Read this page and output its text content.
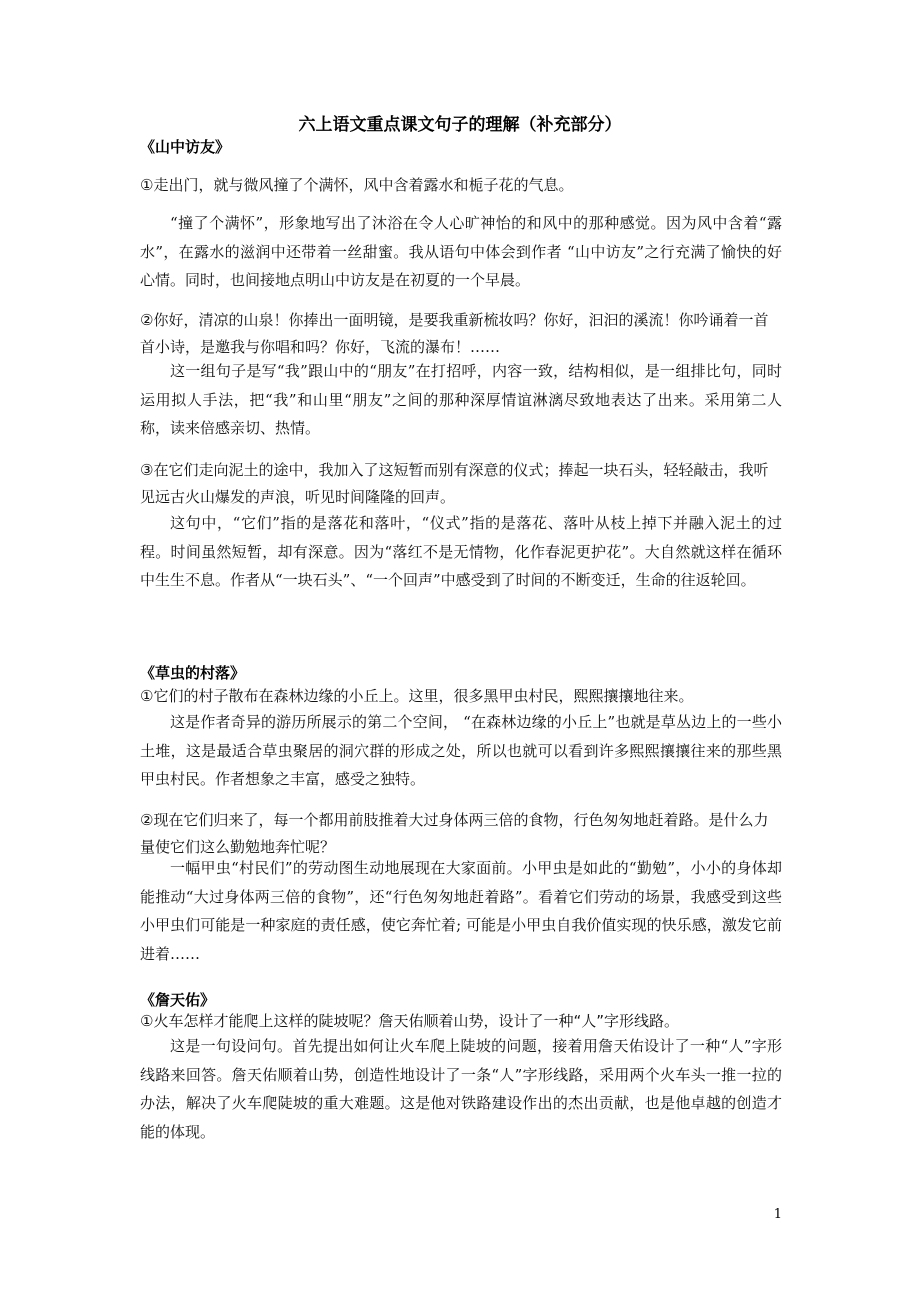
六上语文重点课文句子的理解（补充部分）
《山中访友》

①走出门，就与微风撞了个满怀，风中含着露水和栀子花的气息。

“撞了个满怀”，形象地写出了沐浴在令人心旷神怡的和风中的那种感觉。因为风中含着“露水”，在露水的滋润中还带着一丝甜蜜。我从语句中体会到作者 “山中访友”之行充满了愉快的好心情。同时，也间接地点明山中访友是在初夏的一个早晨。

②你好，清凉的山泉！你捧出一面明镜，是要我重新梳妆吗？你好，汩汩的溪流！你吟诵着一首首小诗，是邀我与你唱和吗？你好，飞流的瀑布！……

这一组句子是写“我”跟山中的“朋友”在打招呼，内容一致，结构相似，是一组排比句，同时运用拟人手法，把“我”和山里“朋友”之间的那种深厚情谊淋漓尽致地表达了出来。采用第二人称，读来倍感亲切、热情。

③在它们走向泥土的途中，我加入了这短暂而别有深意的仪式；捧起一块石头，轻轻敲击，我听见远古火山爆发的声浪，听见时间隆隆的回声。

这句中，“它们”指的是落花和落叶，“仪式”指的是落花、落叶从枝上掉下并融入泥土的过程。时间虽然短暂，却有深意。因为“落红不是无情物，化作春泥更护花”。大自然就这样在循环中生生不息。作者从“一块石头”、“一个回声”中感受到了时间的不断变迁，生命的往返轮回。

《草虫的村落》

①它们的村子散布在森林边缘的小丘上。这里，很多黑甲虫村民，熙熙攘攘地往来。

这是作者奇异的游历所展示的第二个空间， “在森林边缘的小丘上”也就是草丛边上的一些小土堆，这是最适合草虫聚居的洞穴群的形成之处，所以也就可以看到许多熙熙攘攘往来的那些黑甲虫村民。作者想象之丰富，感受之独特。

②现在它们归来了，每一个都用前肢推着大过身体两三倍的食物，行色匆匆地赶着路。是什么力量使它们这么勤勉地奔忙呢？

一幅甲虫“村民们”的劳动图生动地展现在大家面前。小甲虫是如此的“勤勉”，小小的身体却能推动“大过身体两三倍的食物”，还“行色匆匆地赶着路”。看着它们劳动的场景，我感受到这些小甲虫们可能是一种家庭的责任感，使它奔忙着; 可能是小甲虫自我价值实现的快乐感，激发它前进着……

《詹天佑》

①火车怎样才能爬上这样的陡坡呢？詹天佑顺着山势，设计了一种“人”字形线路。

这是一句设问句。首先提出如何让火车爬上陡坡的问题，接着用詹天佑设计了一种“人”字形线路来回答。詹天佑顺着山势，创造性地设计了一条“人”字形线路，采用两个火车头一推一拉的办法，解决了火车爬陡坡的重大难题。这是他对铁路建设作出的杰出贡献，也是他卓越的创造才能的体现。

1
